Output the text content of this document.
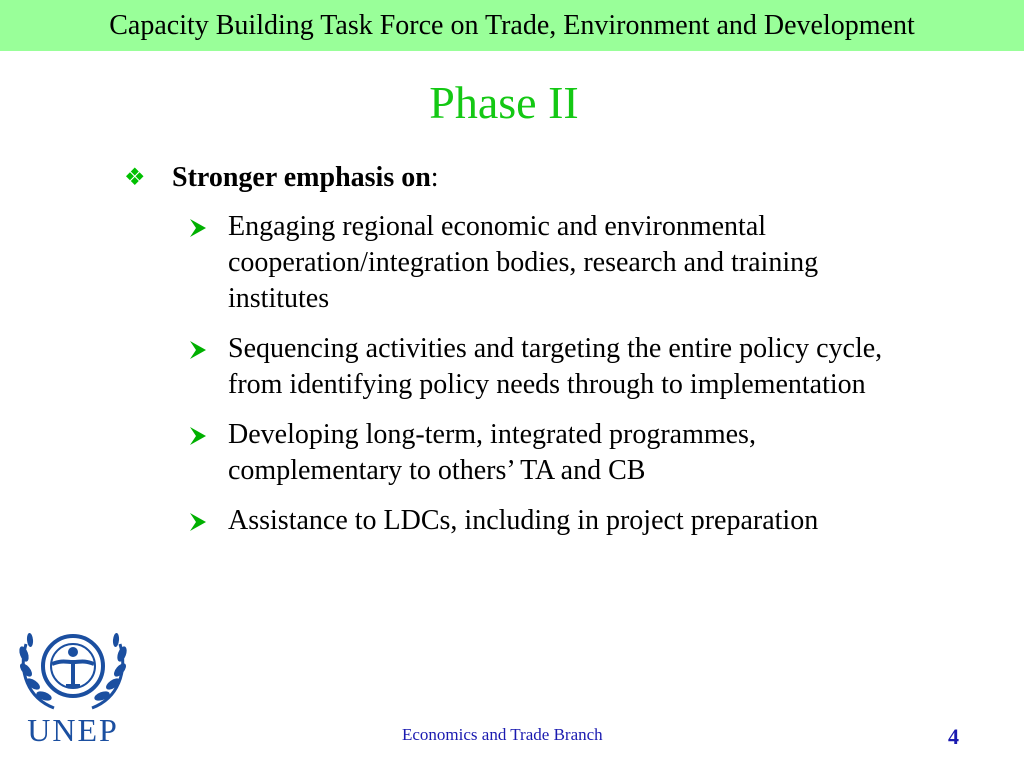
Capacity Building Task Force on Trade, Environment and Development
Phase II
❖ Stronger emphasis on:
Engaging regional economic and environmental cooperation/integration bodies, research and training institutes
Sequencing activities and targeting the entire policy cycle, from identifying policy needs through to implementation
Developing long-term, integrated programmes, complementary to others’ TA and CB
Assistance to LDCs, including in project preparation
UNEP	Economics and Trade Branch	4
